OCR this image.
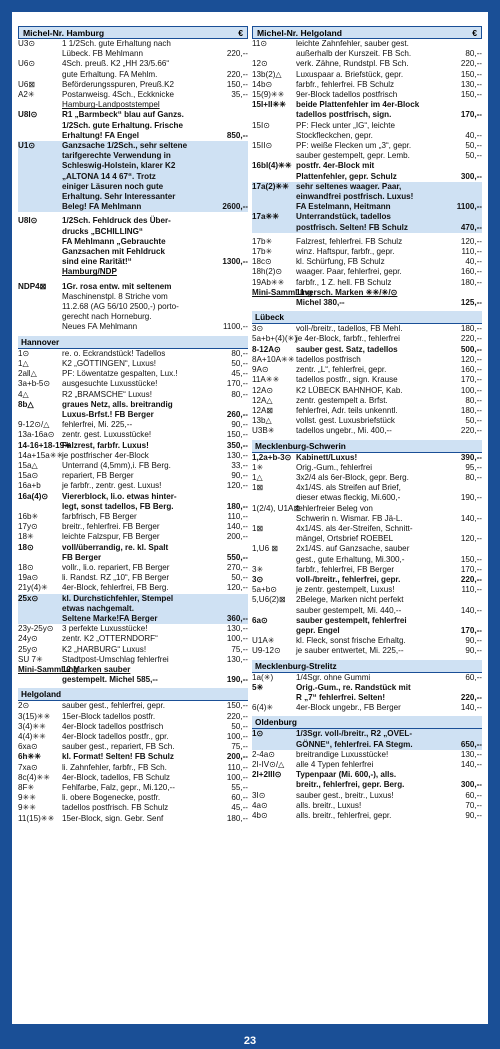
Michel-Nr. Hamburg	€
U3⊙	1 1/2Sch. gute Erhaltung nach
Lübeck. FB Mehlmann	220,--
U6⊙	4Sch. preuß. K2 „HH 23/5.66“
gute Erhaltung. FA Mehlm.	220,--
U6⊠	Beförderungsspuren, Preuß.K2	150,--
A2✳	Postanweisg. 4Sch., Eckknicke	35,--
Hamburg-Landpoststempel
U8I⊙	R1 „Barmbeck“ blau auf Ganzs.
1/2Sch. gute Erhaltung. Frische
Erhaltung! FA Engel	850,--
U1⊙	Ganzsache 1/2Sch., sehr seltene
tarifgerechte Verwendung in
Schleswig-Holstein, klarer K2
„ALTONA 14 4 67“. Trotz
einiger Läsuren noch gute
Erhaltung. Sehr Interessanter
Beleg! FA Mehlmann	2600,--
U8I⊙	1/2Sch. Fehldruck des Über-
drucks „BCHILLING“
FA Mehlmann „Gebrauchte
Ganzsachen mit Fehldruck
sind eine Rarität!“	1300,--
Hamburg/NDP
NDP4⊠	1Gr. rosa entw. mit seltenem
Maschinenstpl. 8 Striche vom
11.2.68 (AG 56/10 2500,-) porto-
gerecht nach Horneburg.
Neues FA Mehlmann	1100,--
Hannover
1⊙	re. o. Eckrandstück! Tadellos	80,--
1△	K2 „GÖTTINGEN“, Luxus!	50,--
2all△	PF: Löwentatze gespalten, Lux.!	45,--
3a+b-5⊙	ausgesuchte Luxusstücke!	170,--
4△	R2 „BRAMSCHE“ Luxus!	80,--
8b△	graues Netz, alls. breitrandig
Luxus-Brfst.! FB Berger	260,--
9-12⊙/△	fehlerfrei, Mi. 225,--	90,--
13a-16a⊙ zentr. gest. Luxusstücke!	150,--
14-16+18-19✳
Falzrest, farbfr. Luxus!	350,--
14a+15a✳✳
je postfrischer 4er-Block	130,--
15a△	Unterrand (4,5mm),i. FB Berg.	33,--
15a⊙	repariert, FB Berger	90,--
16a+b	je farbfr., zentr. gest. Luxus!	120,--
16a(4)⊙	Viererblock, li.o. etwas hinter-
legt, sonst tadellos, FB Berg.	180,--
16b✳	farbfrisch, FB Berger	110,--
17y⊙	breitr., fehlerfrei. FB Berger	140,--
18✳	leichte Falzspur, FB Berger	200,--
18⊙	voll/überrandig, re. kl. Spalt
FB Berger	550,--
18⊙	vollr., li.o. repariert, FB Berger	270,--
19a⊙	li. Randst. RZ „10“, FB Berger	50,--
21y(4)✳	4er-Block, fehlerfrei, FB Berg.	120,--
25x⊙	kl. Durchstichfehler, Stempel
etwas nachgemalt.
Seltene Marke!FA Berger	360,--
23y-25y⊙	3 perfekte Luxusstücke!	130,--
24y⊙	zentr. K2 „OTTERNDORF“	100,--
25y⊙	K2 „HARBURG“ Luxus!	75,--
SU 7✳	Stadtpost-Umschlag fehlerfrei	130,--
Mini-Sammlung
12 Marken sauber
gestempelt. Michel 585,--	190,--
Helgoland
2⊙	sauber gest., fehlerfrei, gepr.	150,--
3(15)✳✳	15er-Block tadellos postfr.	220,--
3(4)✳✳	4er-Block tadellos postfrisch	50,--
4(4)✳✳	4er-Block tadellos postfr., gpr.	100,--
6xa⊙	sauber gest., repariert, FB Sch.	75,--
6h✳✳	kl. Format! Selten! FB Schulz	200,--
7xa⊙	li. Zahnfehler, farbfr., FB Sch.	110,--
8c(4)✳✳	4er-Block, tadellos, FB Schulz	100,--
8F✳	Fehlfarbe, Falz, gepr., Mi.120,--	55,--
9✳✳	li. obere Bogenecke, postfr.	60,--
9✳✳	tadellos postfrisch. FB Schulz	45,--
11(15)✳✳ 15er-Block, sign. Gebr. Senf	180,--
Michel-Nr. Helgoland	€
11⊙	leichte Zahnfehler, sauber gest.
außerhalb der Kurszeit. FB Sch.	80,--
12⊙	verk. Zähne, Rundstpl. FB Sch.	220,--
13b(2)△	Luxuspaar a. Briefstück, gepr.	150,--
14b⊙	farbfr., fehlerfrei. FB Schulz	130,--
15(9)✳✳	9er-Block tadellos postfrisch	150,--
15I+II✳✳	beide Plattenfehler im 4er-Block
tadellos postfrisch, sign.	170,--
15I⊙	PF: Fleck unter „IG“, leichte
Stockfleckchen, gepr.	40,--
15II⊙	PF: weiße Flecken um „3“, gepr.	50,--
sauber gestempelt, gepr. Lemb.	50,--
16bI(4)✳✳ postfr. 4er-Block mit
Plattenfehler, gepr. Schulz	300,--
17a(2)✳✳ sehr seltenes waager. Paar,
einwandfrei postfrisch. Luxus!
FA Estelmann, Heitmann	1100,--
17a✳✳	Unterrandstück, tadellos
postfrisch. Selten! FB Schulz	470,--
17b✳	Falzrest, fehlerfrei. FB Schulz	120,--
17b✳	winz. Haftspur, farbfr., gepr.	110,--
18c⊙	kl. Schürfung, FB Schulz	40,--
18h(2)⊙	waager. Paar, fehlerfrei, gepr.	160,--
19Ab✳✳	farbfr., 1 Z. hell. FB Schulz	180,--
Mini-Sammlung
11versch. Marken ✳✳/✳/⊙
Michel 380,--	125,--
Lübeck
3⊙	voll-/breitr., tadellos, FB Mehl.	180,--
5a+b+(4)(✳)
je 4er-Block, farbfr., fehlerfrei	220,--
8-12A⊙	sauber gest. Satz, tadellos	500,--
8A+10A✳✳ tadellos postfrisch	120,--
9A⊙	zentr. „L“, fehlerfrei, gepr.	160,--
11A✳✳	tadellos postfr., sign. Krause	170,--
12A⊙	K2 LÜBECK BAHNHOF, Kab.	100,--
12A△	zentr. gestempelt a. Brfst.	80,--
12A⊠	fehlerfrei, Adr. teils unkenntl.	180,--
13b△	vollst. gest. Luxusbriefstück	50,--
U3B✳	tadellos ungebr., Mi. 400,--	220,--
Mecklenburg-Schwerin
1,2a+b-3⊙ Kabinett/Luxus!	390,--
1✳	Orig.-Gum., fehlerfrei	95,--
1△	3x2/4 als 6er-Block, gepr. Berg.	80,--
1⊠	4x1/4S. als Streifen auf Brief,
dieser etwas fleckig, Mi.600,-	190,--
1(2/4), U1A⊠
fehlerfreier Beleg von
Schwerin n. Wismar. FB Jä-L.	140,--
1⊠	4x1/4S. als 4er-Streifen, Schnitt-
mängel, Ortsbrief ROEBEL	120,--
1,U6 ⊠	2x1/4S. auf Ganzsache, sauber
gest., gute Erhaltung, Mi.300,-	150,--
3✳	farbfr., fehlerfrei, FB Berger	170,--
3⊙	voll-/breitr., fehlerfrei, gepr.	220,--
5a+b⊙	je zentr. gestempelt, Luxus!	110,--
5,U6(2)⊠	2Belege, Marken nicht perfekt
sauber gestempelt, Mi. 440,--	140,--
6a⊙	sauber gestempelt, fehlerfrei
gepr. Engel	170,--
U1A✳	kl. Fleck, sonst frische Erhaltg.	90,--
U9-12⊙	je sauber entwertet, Mi. 225,--	90,--
Mecklenburg-Strelitz
1a(✳)	1/4Sgr. ohne Gummi	60,--
5✳	Orig.-Gum., re. Randstück mit
R „7“ fehlerfrei. Selten!	220,--
6(4)✳	4er-Block ungebr., FB Berger	140,--
Oldenburg
1⊙	1/3Sgr. voll-/breitr., R2 „OVEL-
GÖNNE“, fehlerfrei. FA Stegm.	650,--
2-4a⊙	breitrandige Luxusstücke!	130,--
2I-IV⊙/△	alle 4 Typen fehlerfrei	140,--
2I+2III⊙	Typenpaar (Mi. 600,-), alls.
breitr., fehlerfrei, gepr. Berg.	300,--
3I⊙	sauber gest., breitr., Luxus!	60,--
4a⊙	alls. breitr., Luxus!	70,--
4b⊙	alls. breitr., fehlerfrei, gepr.	90,--
23
